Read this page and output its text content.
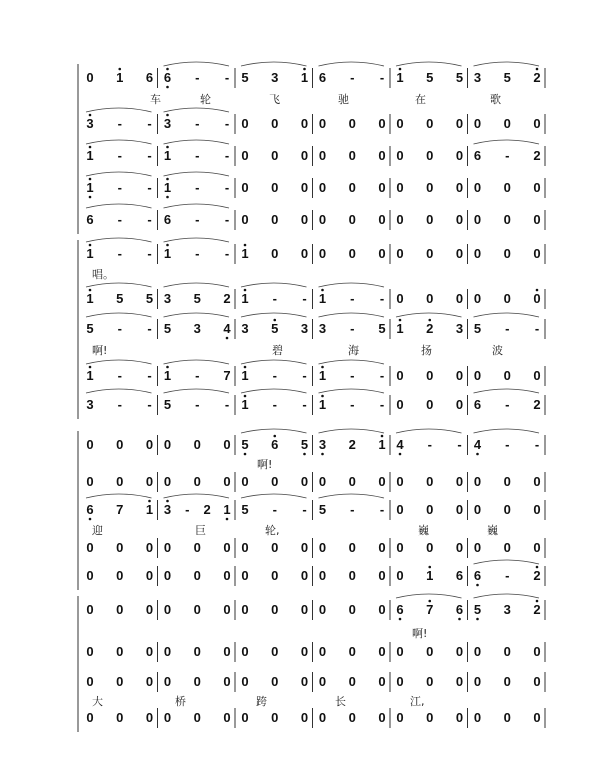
0 1 6 6 - - 5 3 1 6 - - 1 5 5 3 5 2
车	轮	飞	驰	在	歌
3 - - 3 - - 0 0 0 0 0 0 0 0 0 0 0 0
1 - - 1 - - 0 0 0 0 0 0 0 0 0 6 - 2
1 - - 1 - - 0 0 0 0 0 0 0 0 0 0 0 0
6 - - 6 - - 0 0 0 0 0 0 0 0 0 0 0 0
1 - - 1 - - 1 0 0 0 0 0 0 0 0 0 0 0
唱。
1 5 5 3 5 2 1 - - 1 - - 0 0 0 0 0 0
5 - - 5 3 4 3 5 3 3 - 5 1 2 3 5 - -
啊!	碧	海	扬	波
1 - - 1 - 7 1 - - 1 - - 0 0 0 0 0 0
3 - - 5 - - 1 - - 1 - - 0 0 0 6 - 2
0 0 0 0 0 0 5 6 5 3 2 1 4 - - 4 - -
啊!
0 0 0 0 0 0 0 0 0 0 0 0 0 0 0 0 0 0
6 7 1 3 - 2 1 5 - - 5 - - 0 0 0 0 0 0
迎	巨	轮,	巍	巍
0 0 0 0 0 0 0 0 0 0 0 0 0 0 0 0 0 0
0 0 0 0 0 0 0 0 0 0 0 0 0 1 6 6 - 2
0 0 0 0 0 0 0 0 0 0 0 0 6 7 6 5 3 2
啊!
0 0 0 0 0 0 0 0 0 0 0 0 0 0 0 0 0 0
0 0 0 0 0 0 0 0 0 0 0 0 0 0 0 0 0 0
大	桥	跨	长	江,
0 0 0 0 0 0 0 0 0 0 0 0 0 0 0 0 0 0
